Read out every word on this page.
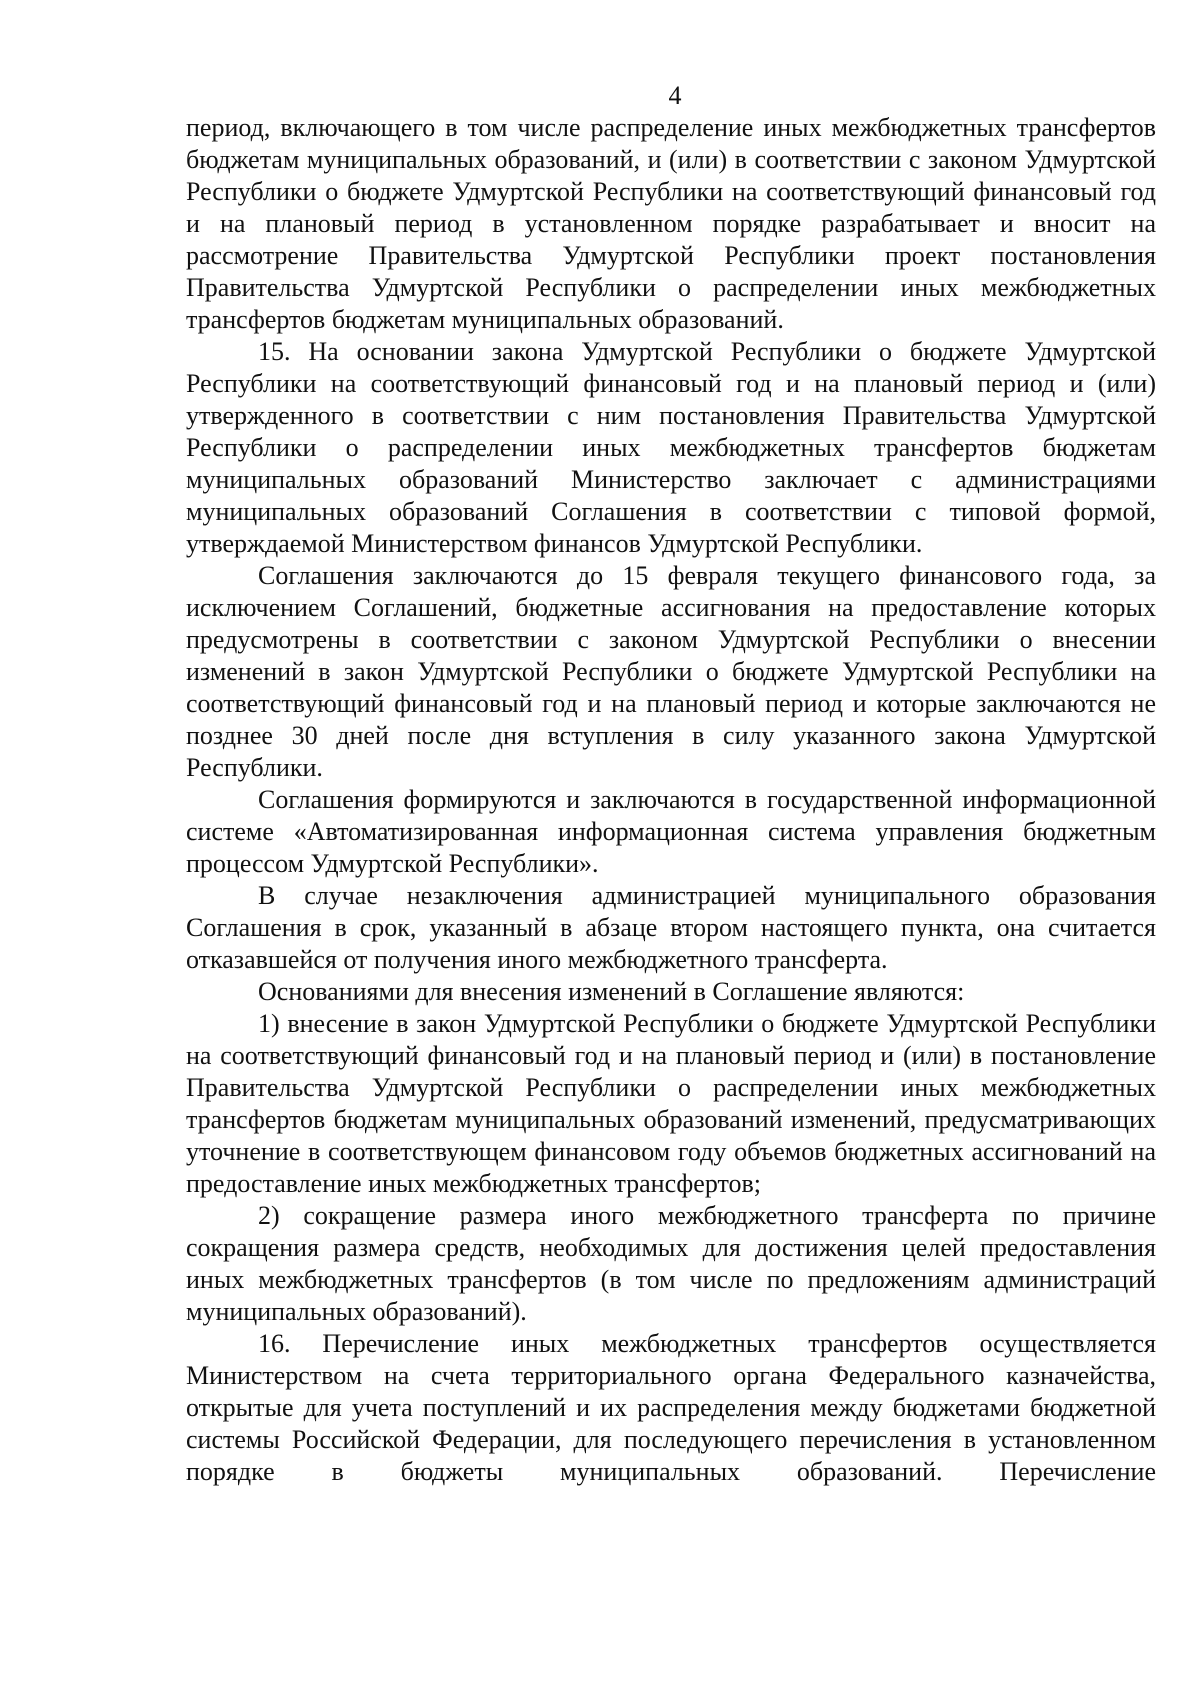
4

период, включающего в том числе распределение иных межбюджетных трансфертов бюджетам муниципальных образований, и (или) в соответствии с законом Удмуртской Республики о бюджете Удмуртской Республики на соответствующий финансовый год и на плановый период в установленном порядке разрабатывает и вносит на рассмотрение Правительства Удмуртской Республики проект постановления Правительства Удмуртской Республики о распределении иных межбюджетных трансфертов бюджетам муниципальных образований.

15. На основании закона Удмуртской Республики о бюджете Удмуртской Республики на соответствующий финансовый год и на плановый период и (или) утвержденного в соответствии с ним постановления Правительства Удмуртской Республики о распределении иных межбюджетных трансфертов бюджетам муниципальных образований Министерство заключает с администрациями муниципальных образований Соглашения в соответствии с типовой формой, утверждаемой Министерством финансов Удмуртской Республики.

Соглашения заключаются до 15 февраля текущего финансового года, за исключением Соглашений, бюджетные ассигнования на предоставление которых предусмотрены в соответствии с законом Удмуртской Республики о внесении изменений в закон Удмуртской Республики о бюджете Удмуртской Республики на соответствующий финансовый год и на плановый период и которые заключаются не позднее 30 дней после дня вступления в силу указанного закона Удмуртской Республики.

Соглашения формируются и заключаются в государственной информационной системе «Автоматизированная информационная система управления бюджетным процессом Удмуртской Республики».

В случае незаключения администрацией муниципального образования Соглашения в срок, указанный в абзаце втором настоящего пункта, она считается отказавшейся от получения иного межбюджетного трансферта.

Основаниями для внесения изменений в Соглашение являются:

1) внесение в закон Удмуртской Республики о бюджете Удмуртской Республики на соответствующий финансовый год и на плановый период и (или) в постановление Правительства Удмуртской Республики о распределении иных межбюджетных трансфертов бюджетам муниципальных образований изменений, предусматривающих уточнение в соответствующем финансовом году объемов бюджетных ассигнований на предоставление иных межбюджетных трансфертов;

2) сокращение размера иного межбюджетного трансферта по причине сокращения размера средств, необходимых для достижения целей предоставления иных межбюджетных трансфертов (в том числе по предложениям администраций муниципальных образований).

16. Перечисление иных межбюджетных трансфертов осуществляется Министерством на счета территориального органа Федерального казначейства, открытые для учета поступлений и их распределения между бюджетами бюджетной системы Российской Федерации, для последующего перечисления в установленном порядке в бюджеты муниципальных образований. Перечисление
